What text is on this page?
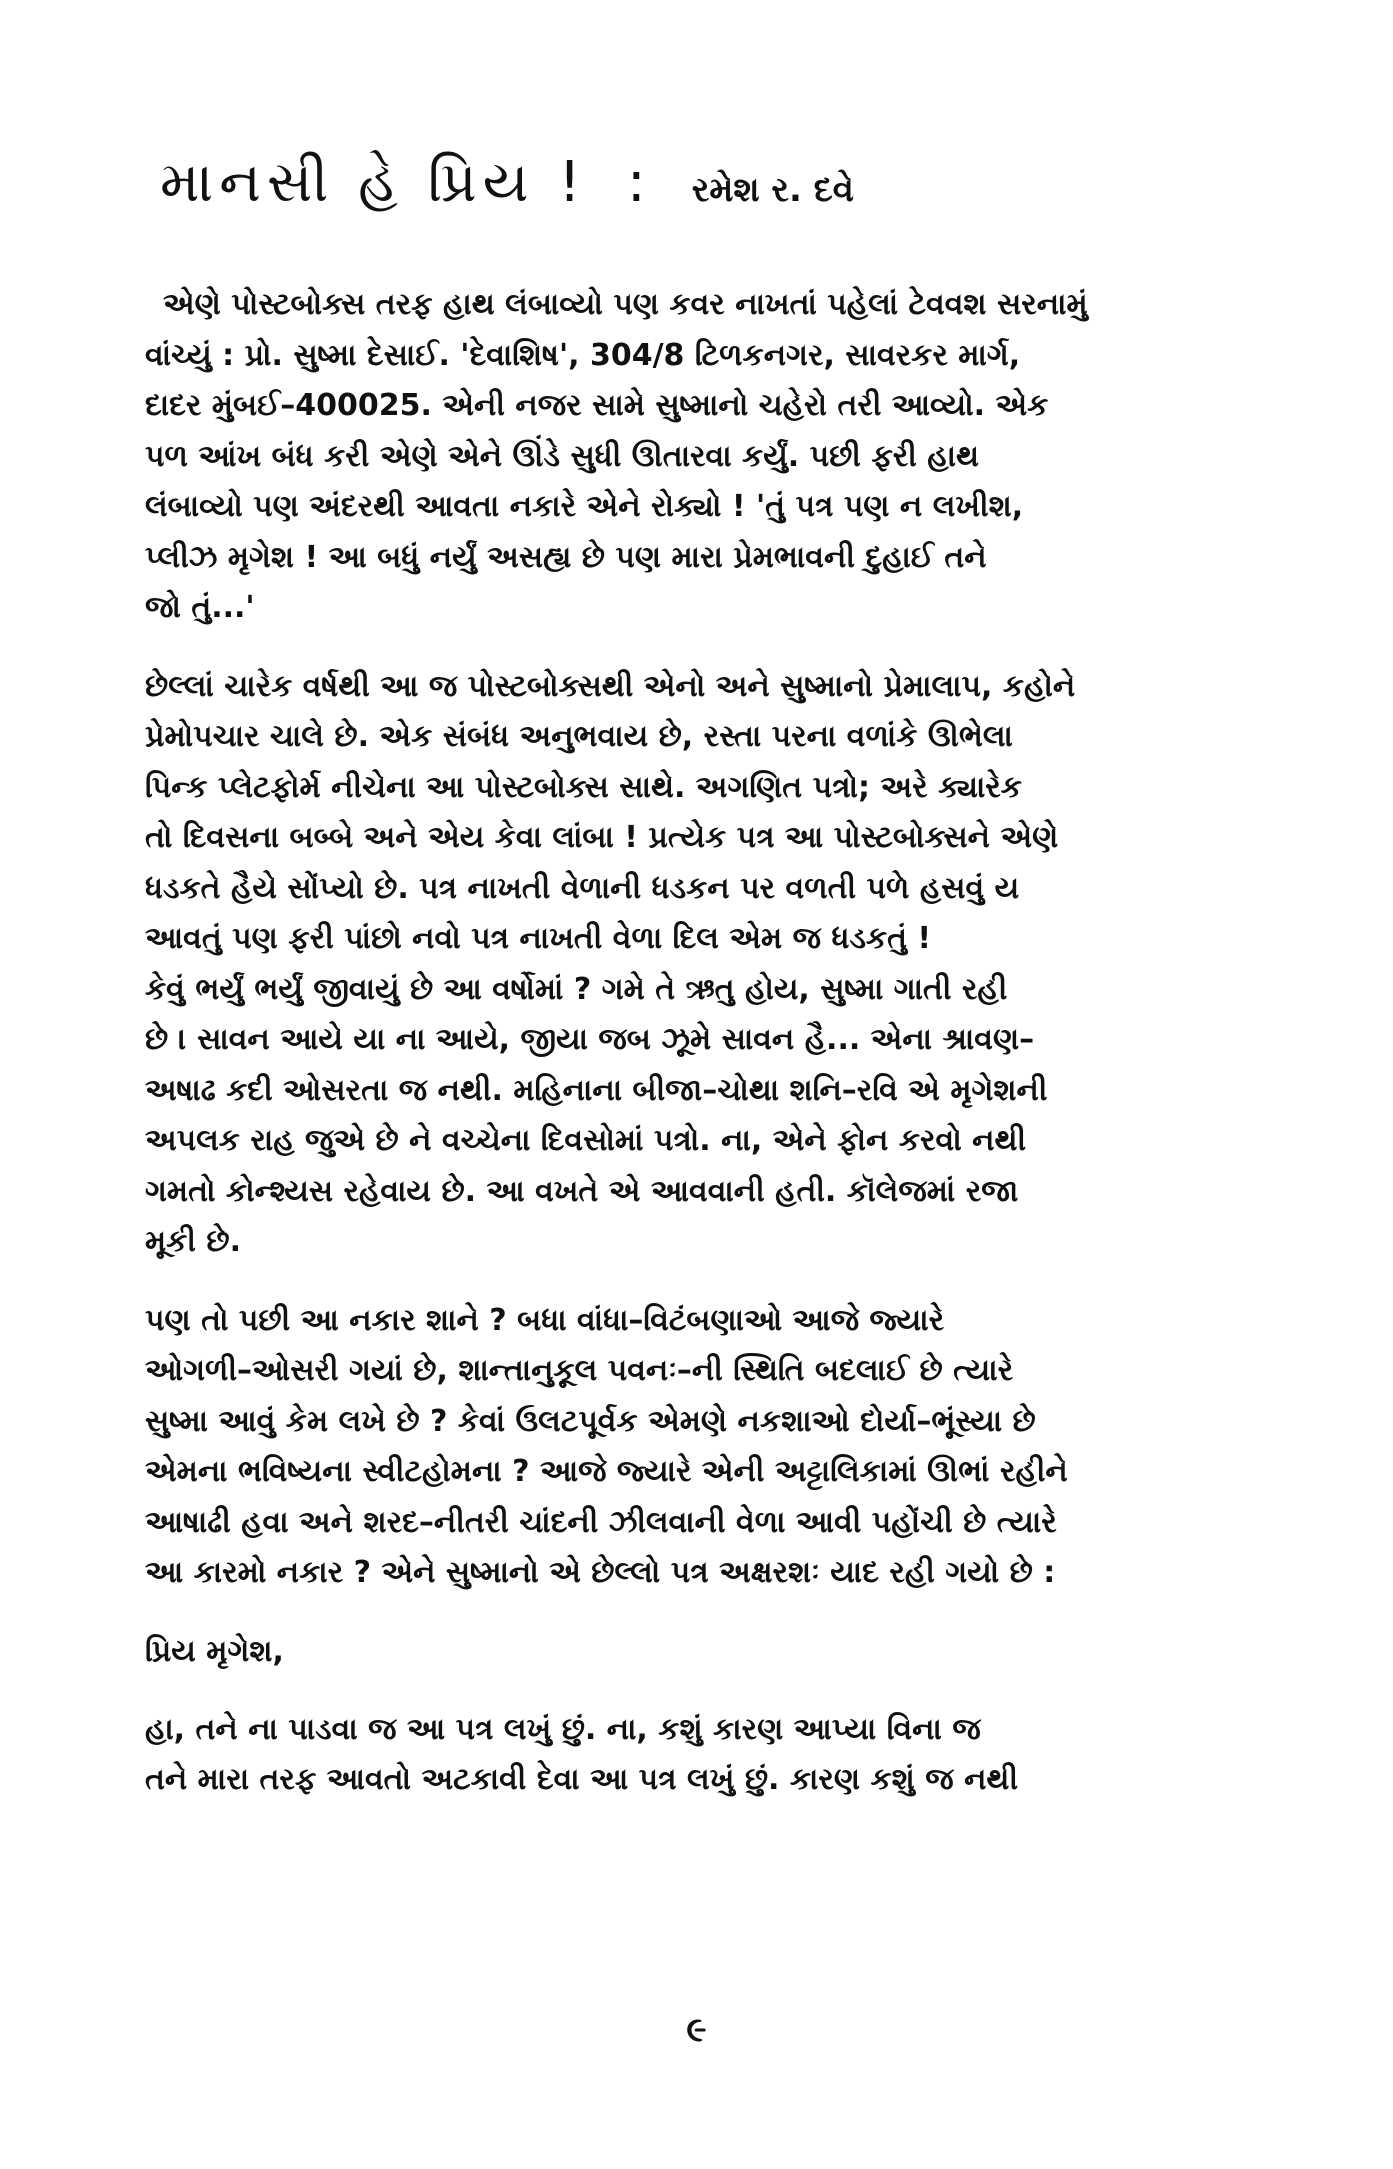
માનસી હે પ્રિય ! : રમેશ ર. દવે
એણે પોસ્ટબોક્સ તરફ હાથ લંબાવ્યો પણ કવર નાખતાં પહેલાં ટેવવશ સરનામું
વાંચ્યું : પ્રો. સુષ્મા દેસાઈ. 'દેવાશિષ', 304/8 ટિળકનગર, સાવરકર માર્ગ,
દાદર મુંબઈ–400025. એની નજર સામે સુષ્માનો ચહેરો તરી આવ્યો. એક
પળ આંખ બંધ કરી એણે એને ઊંડે સુધી ઊતારવા કર્યું. પછી ફરી હાથ
લંબાવ્યો પણ અંદરથી આવતા નકારે એને રોક્યો ! 'તું પત્ર પણ ન લખીશ,
પ્લીઝ મૃગેશ ! આ બધું નર્યું અસહ્ય છે પણ મારા પ્રેમભાવની દુહાઈ તને
જો તું...'
છેલ્લાં ચારેક વર્ષથી આ જ પોસ્ટબોક્સથી એનો અને સુષ્માનો પ્રેમાલાપ, કહોને
પ્રેમોપચાર ચાલે છે. એક સંબંધ અનુભવાય છે, રસ્તા પરના વળાંકે ઊભેલા
પિન્ક પ્લેટફોર્મ નીચેના આ પોસ્ટબોક્સ સાથે. અગણિત પત્રો; અરે ક્યારેક
તો દિવસના બબ્બે અને એય કેવા લાંબા ! પ્રત્યેક પત્ર આ પોસ્ટબોક્સને એણે
ધડકતે હૈયે સોંપ્યો છે. પત્ર નાખતી વેળાની ધડકન પર વળતી પળે હસવું ય
આવતું પણ ફરી પાંછો નવો પત્ર નાખતી વેળા દિલ એમ જ ધડકતું !
કેવું ભર્યું ભર્યું જીવાયું છે આ વર્ષોમાં ? ગમે તે ઋતુ હોય, સુષ્મા ગાતી રહી
છે । સાવન આયે યા ના આયે, જીયા જબ ઝૂમે સાવન હૈ... એના શ્રાવણ–
અષાઢ કદી ઓસરતા જ નથી. મહિનાના બીજા–ચોથા શનિ–રવિ એ મૃગેશની
અપલક રાહ જુએ છે ને વચ્ચેના દિવસોમાં પત્રો. ના, એને ફોન કરવો નથી
ગમતો કોન્શ્યસ રહેવાય છે. આ વખતે એ આવવાની હતી. કૉલેજમાં રજા
મૂકી છે.
પણ તો પછી આ નકાર શાને ? બધા વાંધા–વિટંબણાઓ આજે જ્યારે
ઓગળી–ઓસરી ગયાં છે, શાન્તાનુકૂલ પવનઃ–ની સ્થિતિ બદલાઈ છે ત્યારે
સુષ્મા આવું કેમ લખે છે ? કેવાં ઉલટપૂર્વક એમણે નકશાઓ દોર્યા–ભૂંસ્યા છે
એમના ભવિષ્યના સ્વીટહોમના ? આજે જ્યારે એની અટ્ટાલિકામાં ઊભાં રહીને
આષાઢી હવા અને શરદ–નીતરી ચાંદની ઝીલવાની વેળા આવી પહોંચી છે ત્યારે
આ કારમો નકાર ? એને સુષ્માનો એ છેલ્લો પત્ર અક્ષરશઃ યાદ રહી ગયો છે :
પ્રિય મૃગેશ,
હા, તને ના પાડવા જ આ પત્ર લખું છું. ના, કશું કારણ આપ્યા વિના જ
તને મારા તરફ આવતો અટકાવી દેવા આ પત્ર લખું છું. કારણ કશું જ નથી
૯
